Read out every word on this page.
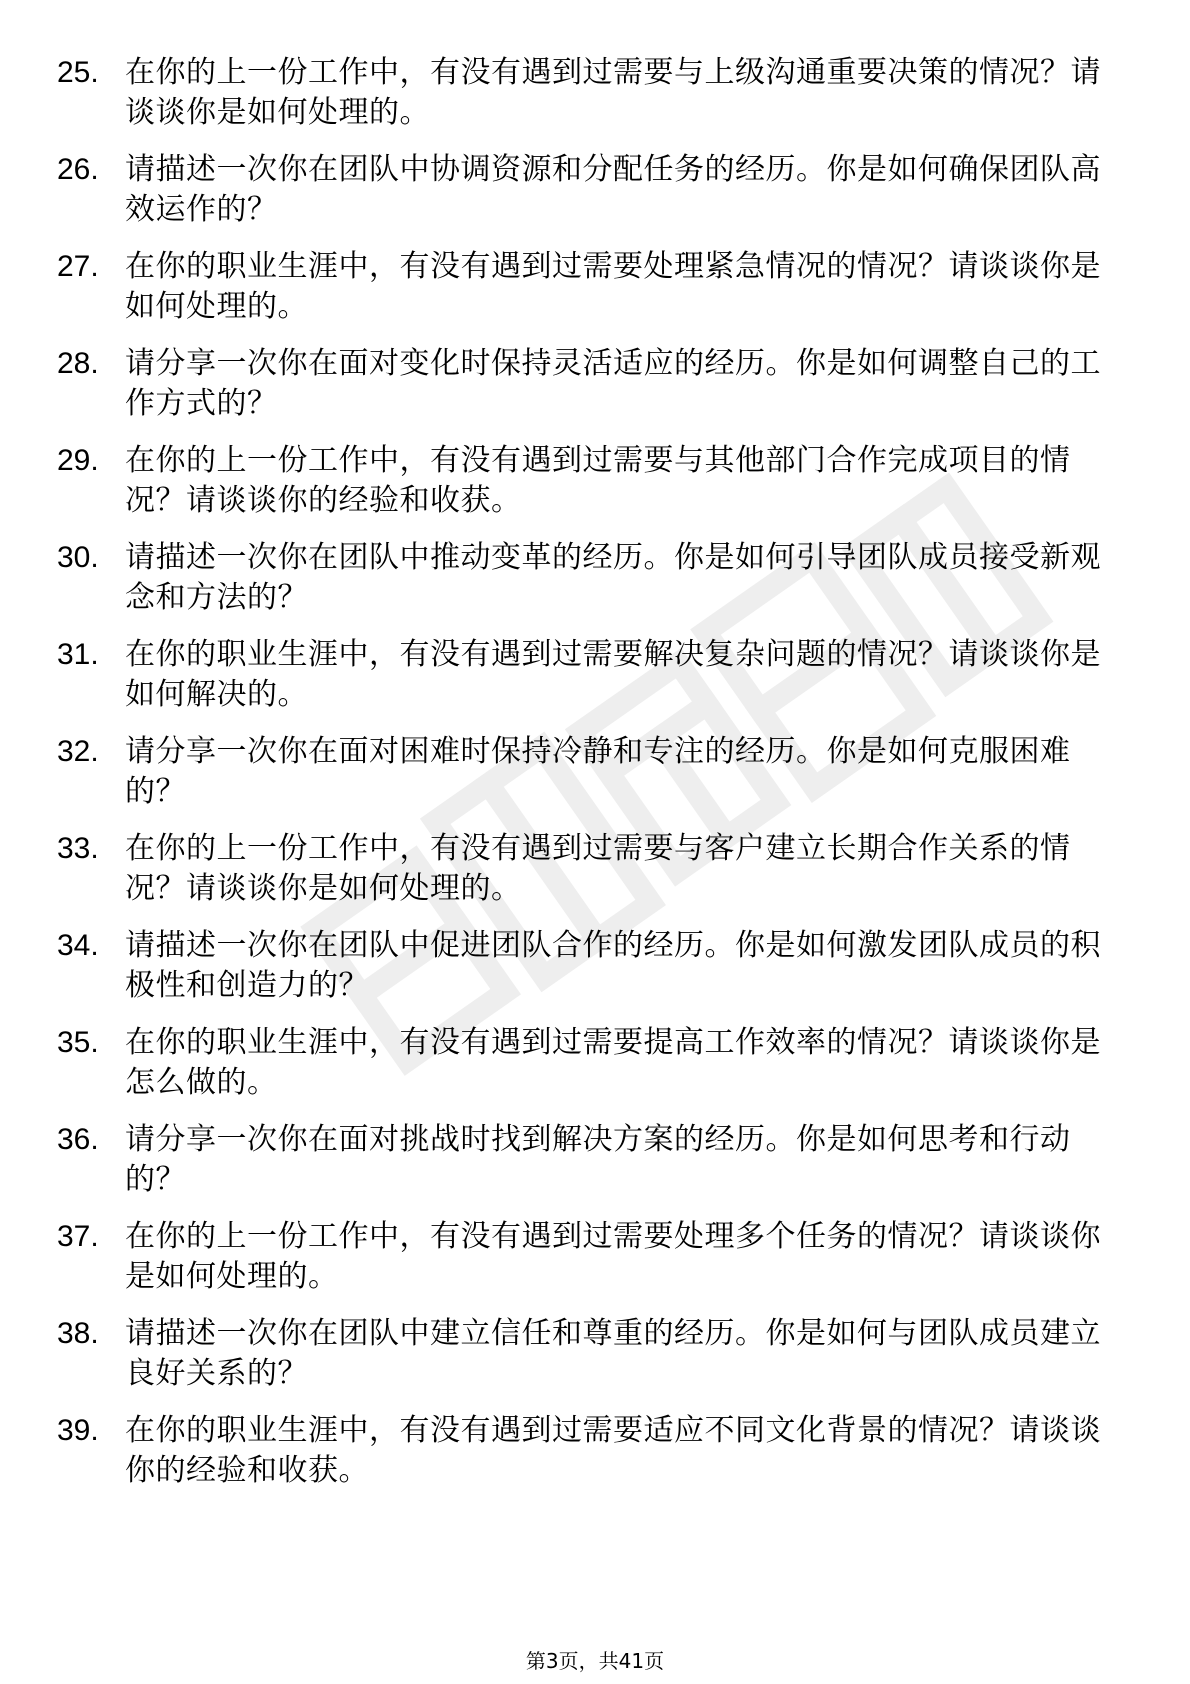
25. 在你的上一份工作中，有没有遇到过需要与上级沟通重要决策的情况？请谈谈你是如何处理的。
26. 请描述一次你在团队中协调资源和分配任务的经历。你是如何确保团队高效运作的？
27. 在你的职业生涯中，有没有遇到过需要处理紧急情况的情况？请谈谈你是如何处理的。
28. 请分享一次你在面对变化时保持灵活适应的经历。你是如何调整自己的工作方式的？
29. 在你的上一份工作中，有没有遇到过需要与其他部门合作完成项目的情况？请谈谈你的经验和收获。
30. 请描述一次你在团队中推动变革的经历。你是如何引导团队成员接受新观念和方法的？
31. 在你的职业生涯中，有没有遇到过需要解决复杂问题的情况？请谈谈你是如何解决的。
32. 请分享一次你在面对困难时保持冷静和专注的经历。你是如何克服困难的？
33. 在你的上一份工作中，有没有遇到过需要与客户建立长期合作关系的情况？请谈谈你是如何处理的。
34. 请描述一次你在团队中促进团队合作的经历。你是如何激发团队成员的积极性和创造力的？
35. 在你的职业生涯中，有没有遇到过需要提高工作效率的情况？请谈谈你是怎么做的。
36. 请分享一次你在面对挑战时找到解决方案的经历。你是如何思考和行动的？
37. 在你的上一份工作中，有没有遇到过需要处理多个任务的情况？请谈谈你是如何处理的。
38. 请描述一次你在团队中建立信任和尊重的经历。你是如何与团队成员建立良好关系的？
39. 在你的职业生涯中，有没有遇到过需要适应不同文化背景的情况？请谈谈你的经验和收获。
第3页，共41页
